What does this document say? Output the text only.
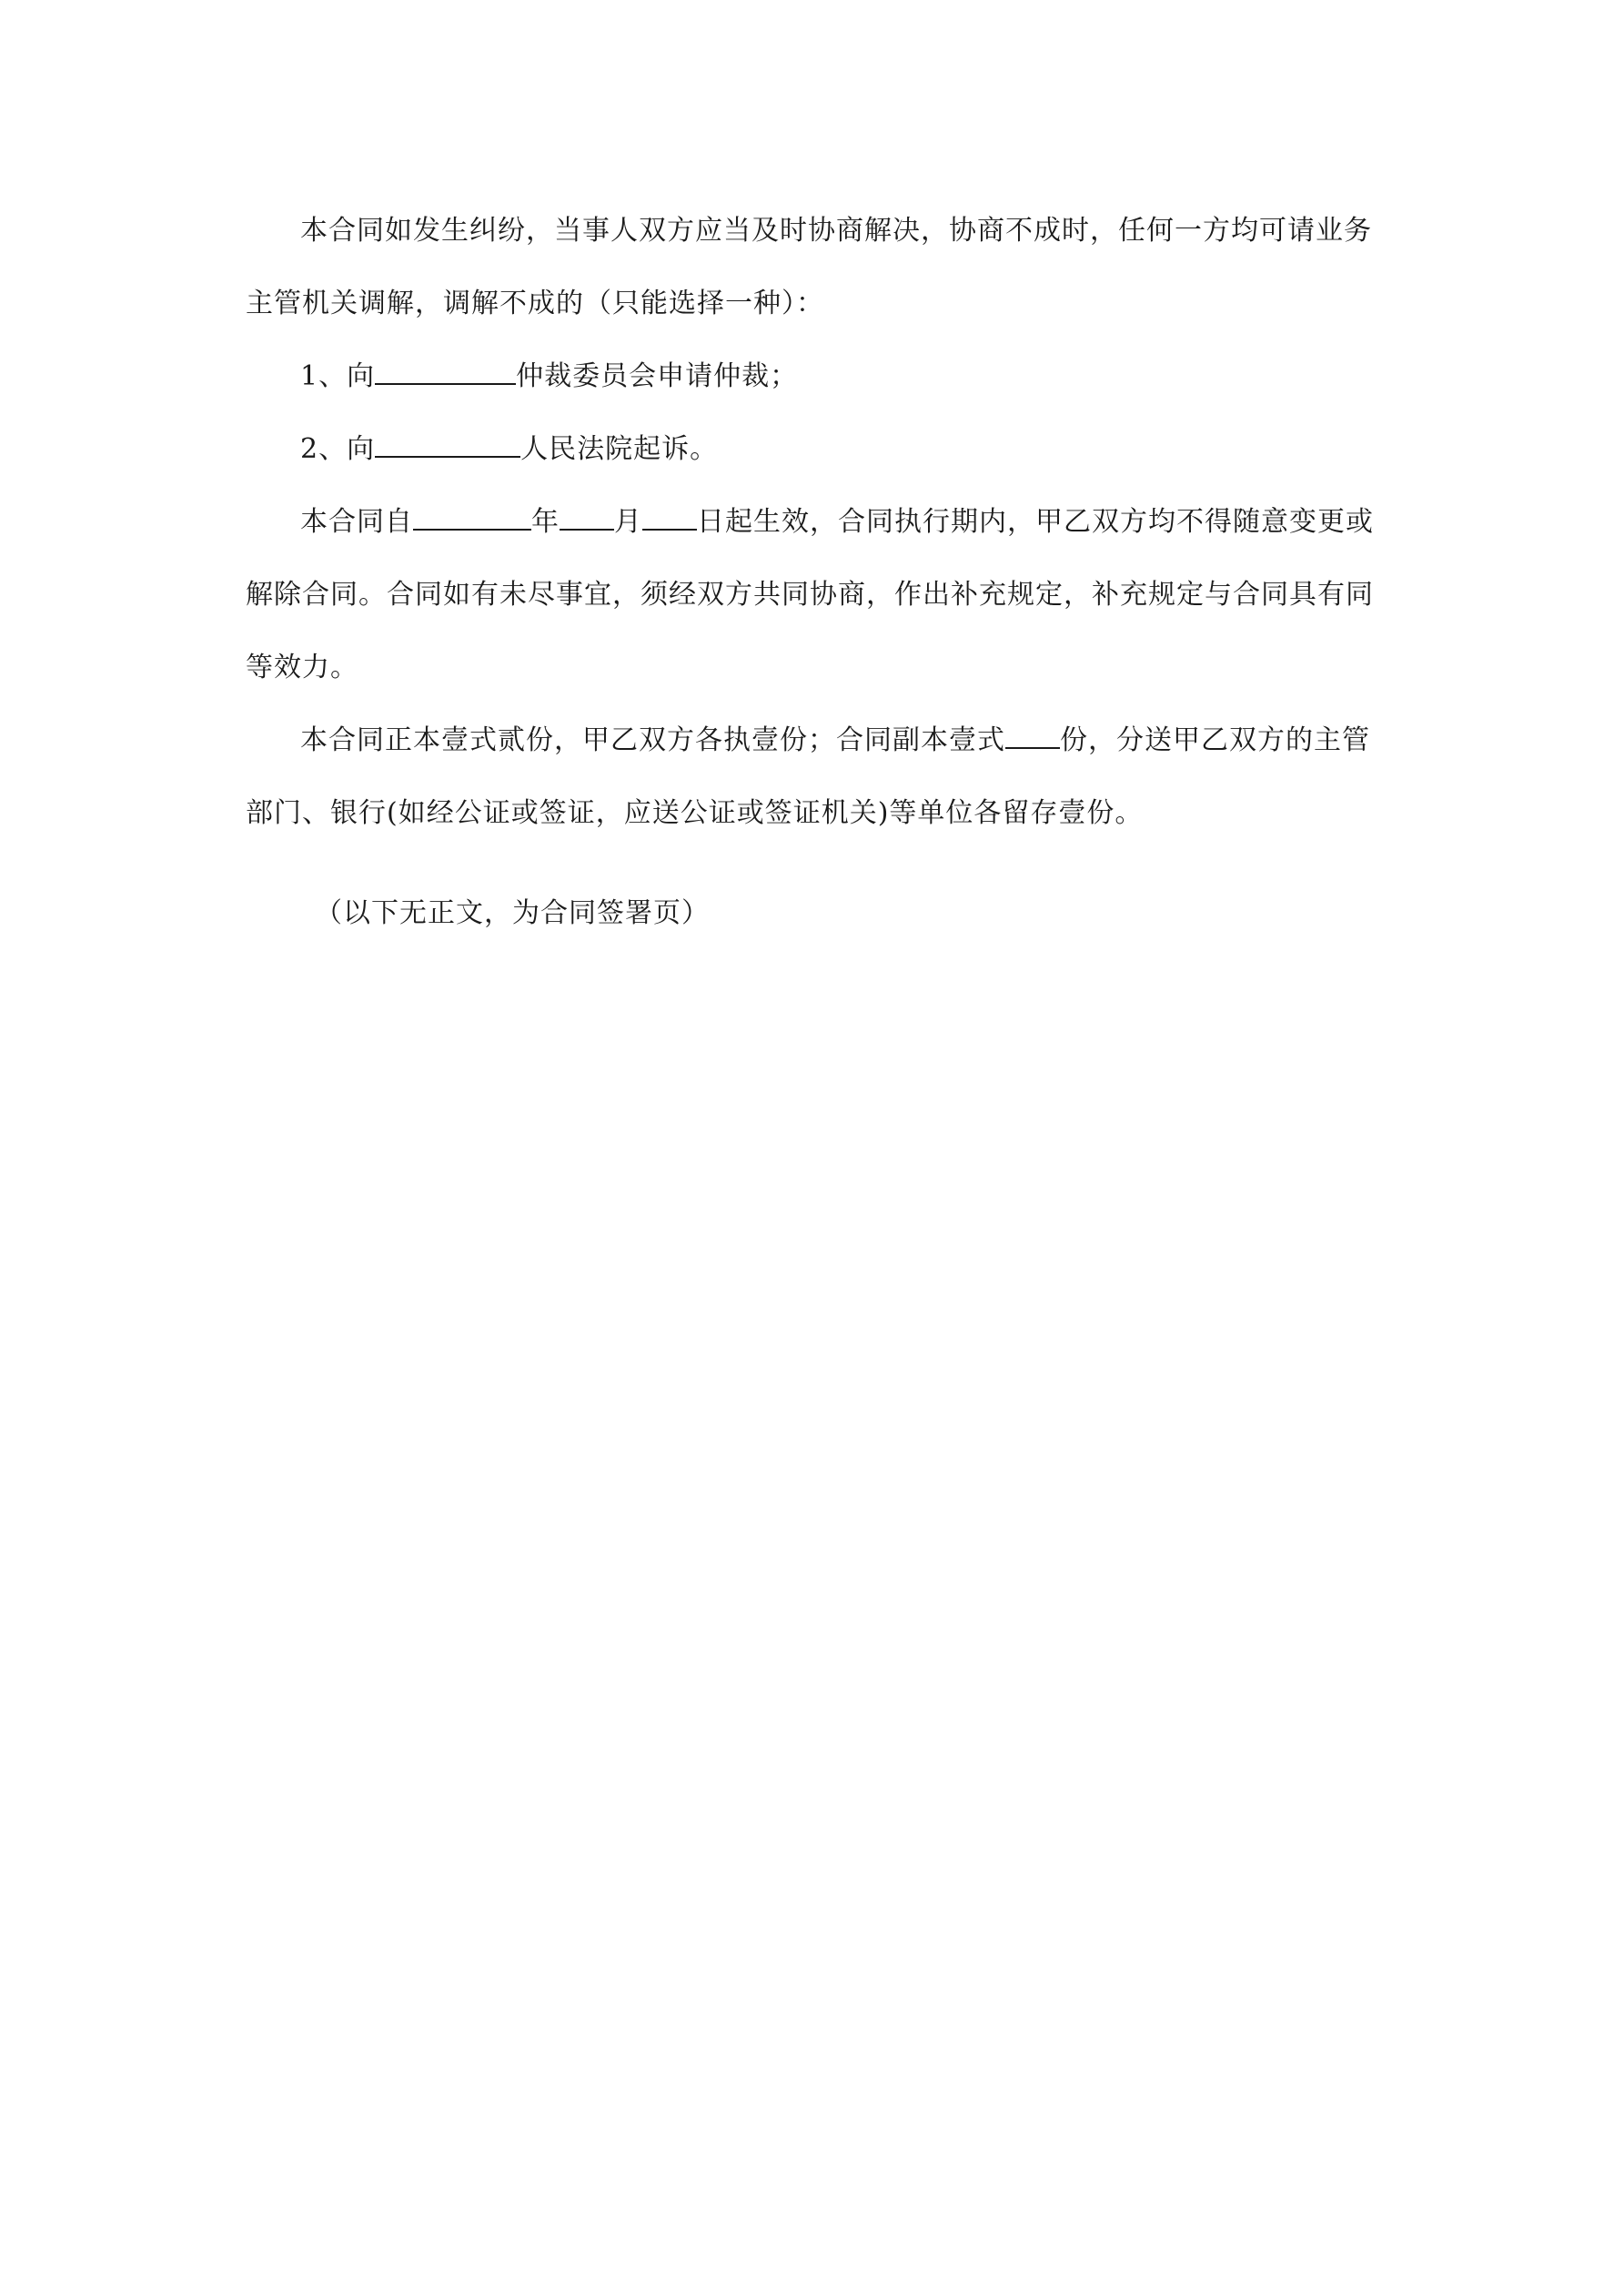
本合同如发生纠纷，当事人双方应当及时协商解决，协商不成时，任何一方均可请业务主管机关调解，调解不成的（只能选择一种）：

1、向	仲裁委员会申请仲裁；

2、向	人民法院起诉。

本合同自	年 月 日起生效，合同执行期内，甲乙双方均不得随意变更或解除合同。合同如有未尽事宜，须经双方共同协商，作出补充规定，补充规定与合同具有同等效力。

本合同正本壹式贰份，甲乙双方各执壹份；合同副本壹式 份，分送甲乙双方的主管部门、银行(如经公证或签证，应送公证或签证机关)等单位各留存壹份。

（以下无正文，为合同签署页）
